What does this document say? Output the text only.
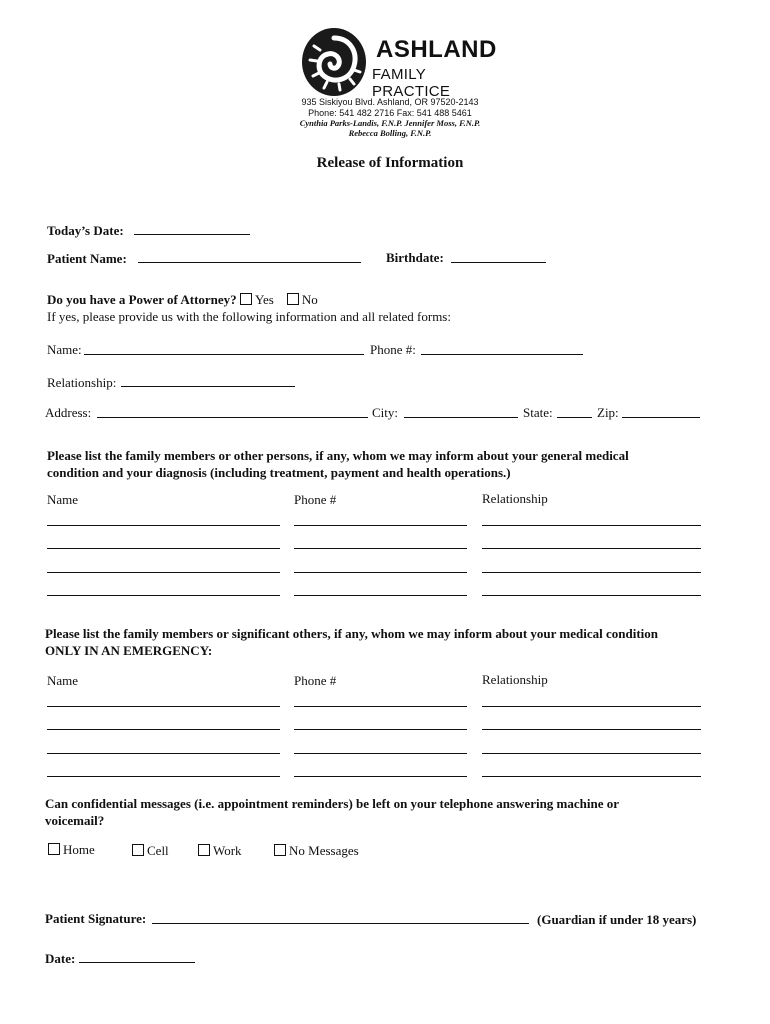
ASHLAND
FAMILY PRACTICE
935 Siskiyou Blvd. Ashland, OR 97520-2143
Phone: 541 482 2716 Fax: 541 488 5461
Cynthia Parks-Landis, F.N.P. Jennifer Moss, F.N.P.
Rebecca Bolling, F.N.P.
Release of Information
Today’s Date:
Patient Name:	Birthdate:
Do you have a Power of Attorney? Yes No
If yes, please provide us with the following information and all related forms:
Name:	Phone #:
Relationship:
Address:	City:	State:	Zip:
Please list the family members or other persons, if any, whom we may inform about your general medical
condition and your diagnosis (including treatment, payment and health operations.)
Name	Phone #	Relationship
Please list the family members or significant others, if any, whom we may inform about your medical condition
ONLY IN AN EMERGENCY:
Name	Phone #	Relationship
Can confidential messages (i.e. appointment reminders) be left on your telephone answering machine or
voicemail?
Home	Cell	Work	No Messages
Patient Signature:	(Guardian if under 18 years)
Date:
